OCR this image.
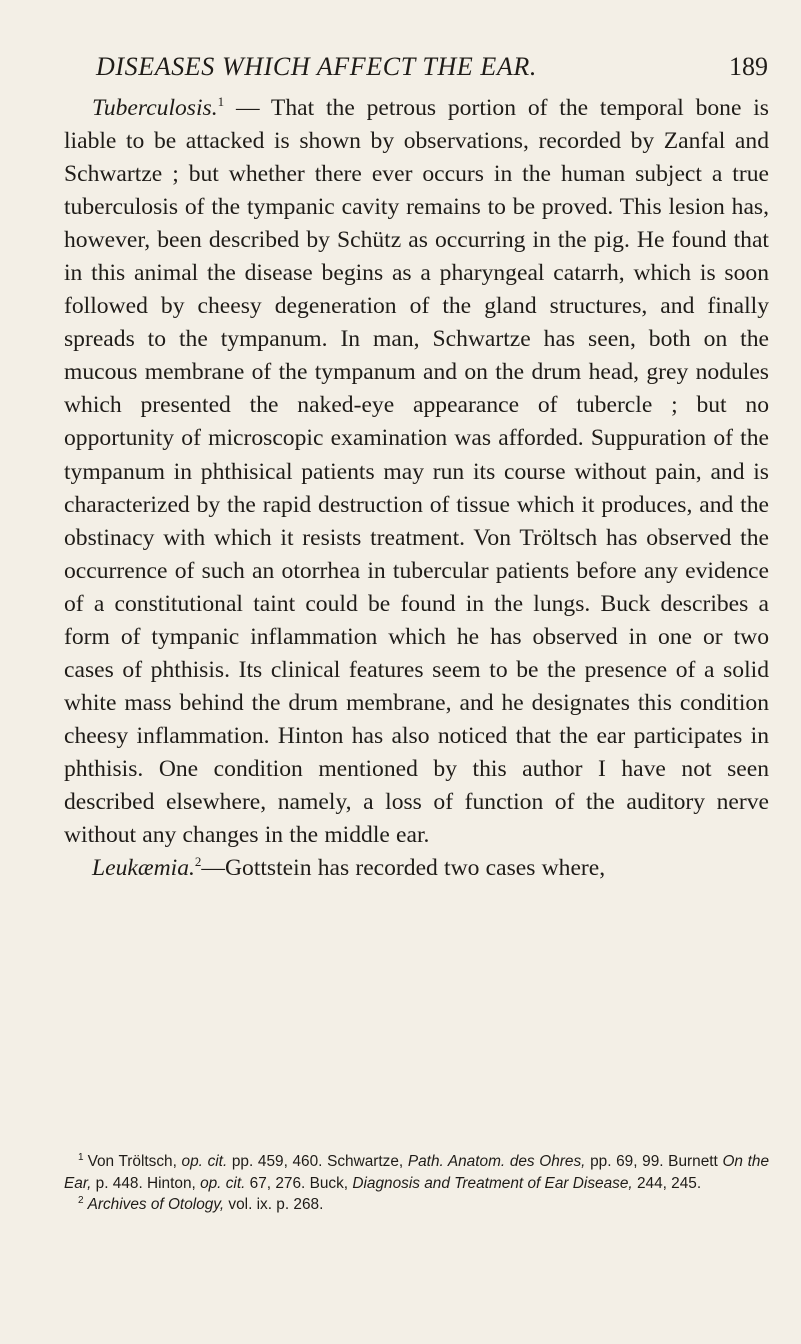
DISEASES WHICH AFFECT THE EAR.	189

Tuberculosis.$^1$ — That the petrous portion of the temporal bone is liable to be attacked is shown by observations, recorded by Zanfal and Schwartze ; but whether there ever occurs in the human subject a true tuberculosis of the tympanic cavity remains to be proved. This lesion has, however, been described by Schütz as occurring in the pig. He found that in this animal the disease begins as a pharyngeal catarrh, which is soon followed by cheesy degeneration of the gland structures, and finally spreads to the tympanum. In man, Schwartze has seen, both on the mucous membrane of the tympanum and on the drum head, grey nodules which presented the naked-eye appearance of tubercle ; but no opportunity of microscopic examination was afforded. Suppuration of the tympanum in phthisical patients may run its course without pain, and is characterized by the rapid destruction of tissue which it produces, and the obstinacy with which it resists treatment. Von Tröltsch has observed the occurrence of such an otorrhea in tubercular patients before any evidence of a constitutional taint could be found in the lungs. Buck describes a form of tympanic inflammation which he has observed in one or two cases of phthisis. Its clinical features seem to be the presence of a solid white mass behind the drum membrane, and he designates this condition cheesy inflammation. Hinton has also noticed that the ear participates in phthisis. One condition mentioned by this author I have not seen described elsewhere, namely, a loss of function of the auditory nerve without any changes in the middle ear.

Leukæmia.$^2$—Gottstein has recorded two cases where,

$^1$ Von Tröltsch, op. cit. pp. 459, 460. Schwartze, Path. Anatom. des Ohres, pp. 69, 99. Burnett On the Ear, p. 448. Hinton, op. cit. 67, 276. Buck, Diagnosis and Treatment of Ear Disease, 244, 245.

$^2$ Archives of Otology, vol. ix. p. 268.
